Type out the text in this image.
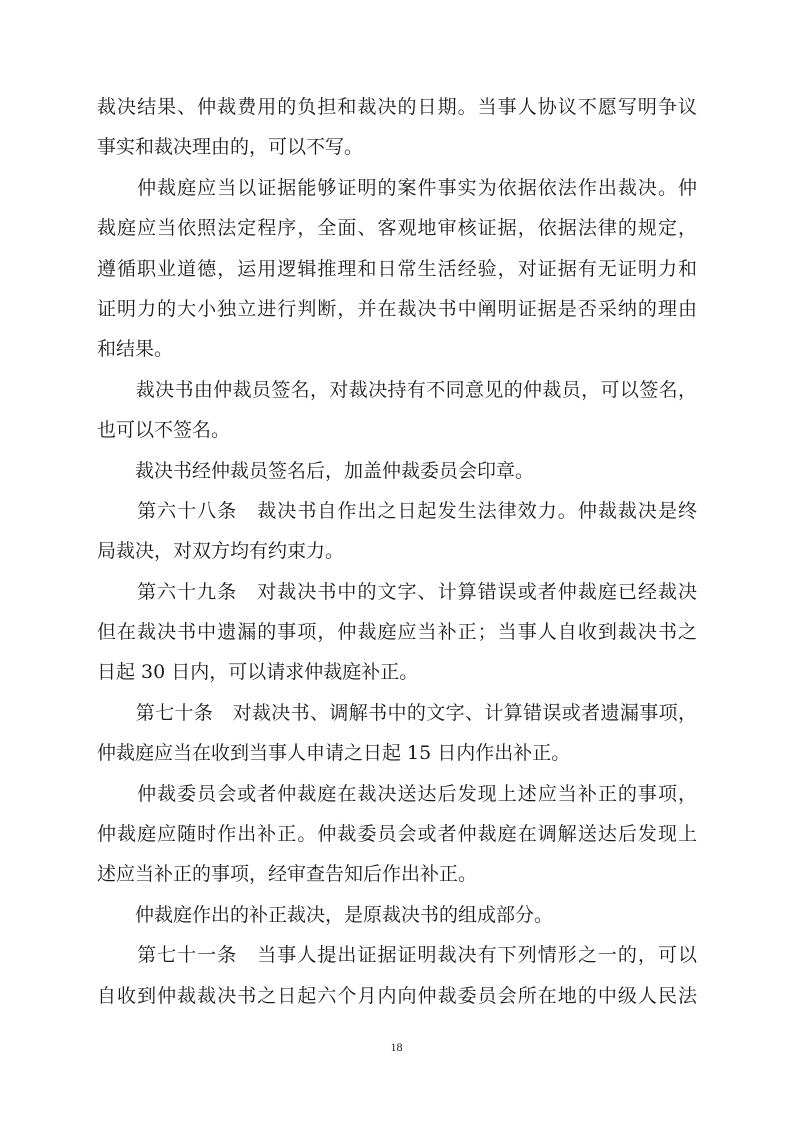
裁决结果、仲裁费用的负担和裁决的日期。当事人协议不愿写明争议
事实和裁决理由的，可以不写。
　　仲裁庭应当以证据能够证明的案件事实为依据依法作出裁决。仲
裁庭应当依照法定程序，全面、客观地审核证据，依据法律的规定，
遵循职业道德，运用逻辑推理和日常生活经验，对证据有无证明力和
证明力的大小独立进行判断，并在裁决书中阐明证据是否采纳的理由
和结果。
　　裁决书由仲裁员签名，对裁决持有不同意见的仲裁员，可以签名，
也可以不签名。
　　裁决书经仲裁员签名后，加盖仲裁委员会印章。
　　第六十八条　裁决书自作出之日起发生法律效力。仲裁裁决是终
局裁决，对双方均有约束力。
　　第六十九条　对裁决书中的文字、计算错误或者仲裁庭已经裁决
但在裁决书中遗漏的事项，仲裁庭应当补正；当事人自收到裁决书之
日起 30 日内，可以请求仲裁庭补正。
　　第七十条　对裁决书、调解书中的文字、计算错误或者遗漏事项，
仲裁庭应当在收到当事人申请之日起 15 日内作出补正。
　　仲裁委员会或者仲裁庭在裁决送达后发现上述应当补正的事项，
仲裁庭应随时作出补正。仲裁委员会或者仲裁庭在调解送达后发现上
述应当补正的事项，经审查告知后作出补正。
　　仲裁庭作出的补正裁决，是原裁决书的组成部分。
　　第七十一条　当事人提出证据证明裁决有下列情形之一的，可以
自收到仲裁裁决书之日起六个月内向仲裁委员会所在地的中级人民法
18
